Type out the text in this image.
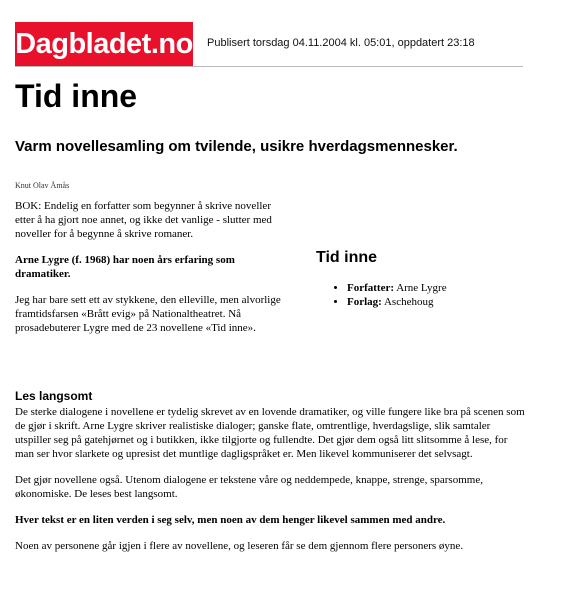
Dagbladet.no Publisert torsdag 04.11.2004 kl. 05:01, oppdatert 23:18
Tid inne

Varm novellesamling om tvilende, usikre hverdagsmennesker.

Knut Olav Åmås

BOK: Endelig en forfatter som begynner å skrive noveller etter å ha gjort noe annet, og ikke det vanlige - slutter med noveller for å begynne å skrive romaner.

Arne Lygre (f. 1968) har noen års erfaring som dramatiker.

Jeg har bare sett ett av stykkene, den elleville, men alvorlige framtidsfarsen «Brått evig» på Nationaltheatret. Nå prosadebuterer Lygre med de 23 novellene «Tid inne».

Tid inne
• Forfatter: Arne Lygre
• Forlag: Aschehoug
Les langsomt

De sterke dialogene i novellene er tydelig skrevet av en lovende dramatiker, og ville fungere like bra på scenen som de gjør i skrift. Arne Lygre skriver realistiske dialoger; ganske flate, omtrentlige, hverdagslige, slik samtaler utspiller seg på gatehjørnet og i butikken, ikke tilgjorte og fullendte. Det gjør dem også litt slitsomme å lese, for man ser hvor slarkete og upresist det muntlige dagligspråket er. Men likevel kommuniserer det selvsagt.

Det gjør novellene også. Utenom dialogene er tekstene våre og neddempede, knappe, strenge, sparsomme, økonomiske. De leses best langsomt.

Hver tekst er en liten verden i seg selv, men noen av dem henger likevel sammen med andre.

Noen av personene går igjen i flere av novellene, og leseren får se dem gjennom flere personers øyne.
